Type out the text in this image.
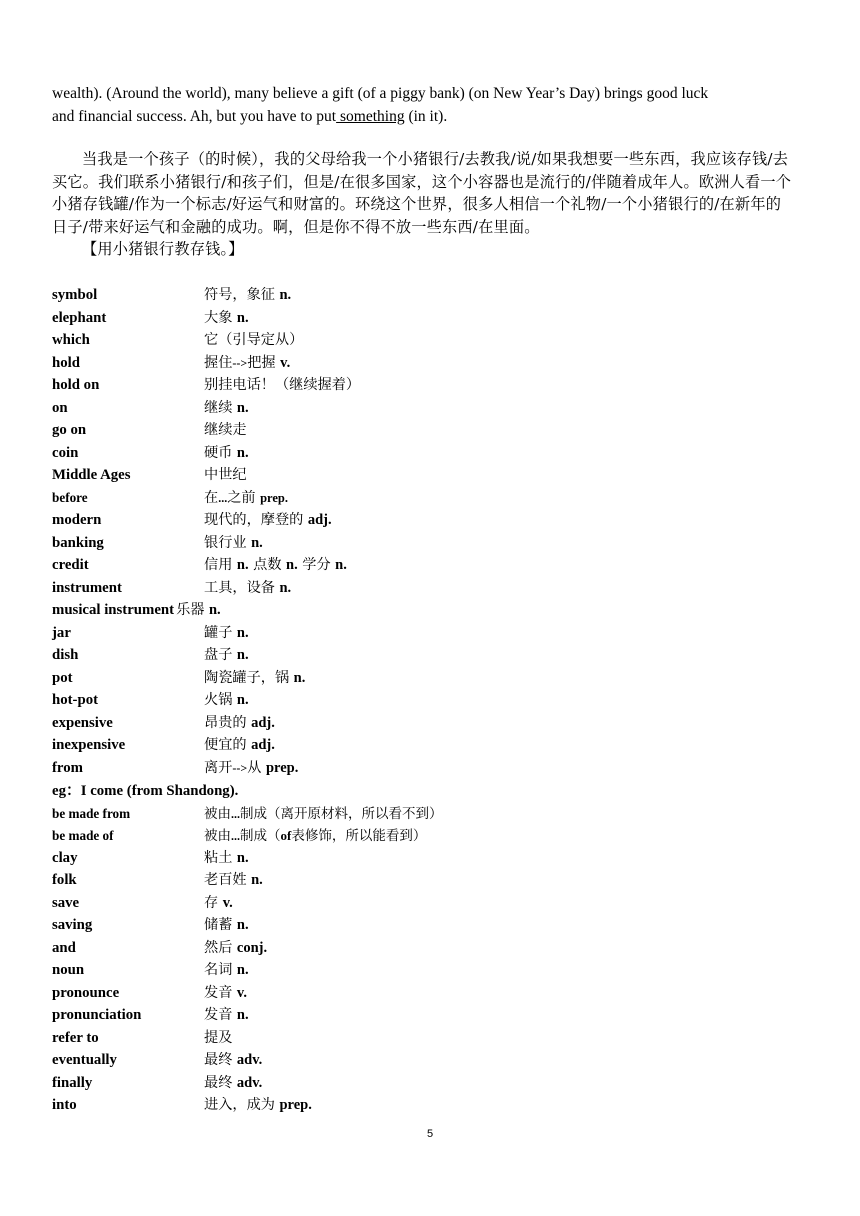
wealth). (Around the world), many believe a gift (of a piggy bank) (on New Year’s Day) brings good luck
and financial success. Ah, but you have to put something (in it).

当我是一个孩子（的时候），我的父母给我一个小猪银行/去教我/说/如果我想要一些东西，我应该存钱/去买它。我们联系小猪银行/和孩子们，但是/在很多国家，这个小容器也是流行的/伴随着成年人。欧洲人看一个小猪存钱罐/作为一个标志/好运气和财富的。环绕这个世界，很多人相信一个礼物/一个小猪银行的/在新年的日子/带来好运气和金融的成功。啊，但是你不得不放一些东西/在里面。

【用小猪银行教存钱。】
symbol	符号，象征 n.
elephant	大象 n.
which	它（引导定从）
hold	握住-->把握 v.
hold on	别挂电话！（继续握着）
on	继续 n.
go on	继续走
coin	硬币 n.
Middle Ages	中世纪
before	在...之前 prep.
modern	现代的，摩登的 adj.
banking	银行业 n.
credit	信用 n. 点数 n. 学分 n.
instrument	工具，设备 n.
musical instrument 乐器 n.
jar	罐子 n.
dish	盘子 n.
pot	陶瓷罐子，锅 n.
hot-pot	火锅 n.
expensive	昂贵的 adj.
inexpensive	便宜的 adj.
from	离开-->从 prep.
eg：I come (from Shandong).
be made from	被由...制成（离开原材料，所以看不到）
be made of	被由...制成（of表修饰，所以能看到）
clay	粘土 n.
folk	老百姓 n.
save	存 v.
saving	储蓄 n.
and	然后 conj.
noun	名词 n.
pronounce	发音 v.
pronunciation	发音 n.
refer to	提及
eventually	最终 adv.
finally	最终 adv.
into	进入，成为 prep.
5
